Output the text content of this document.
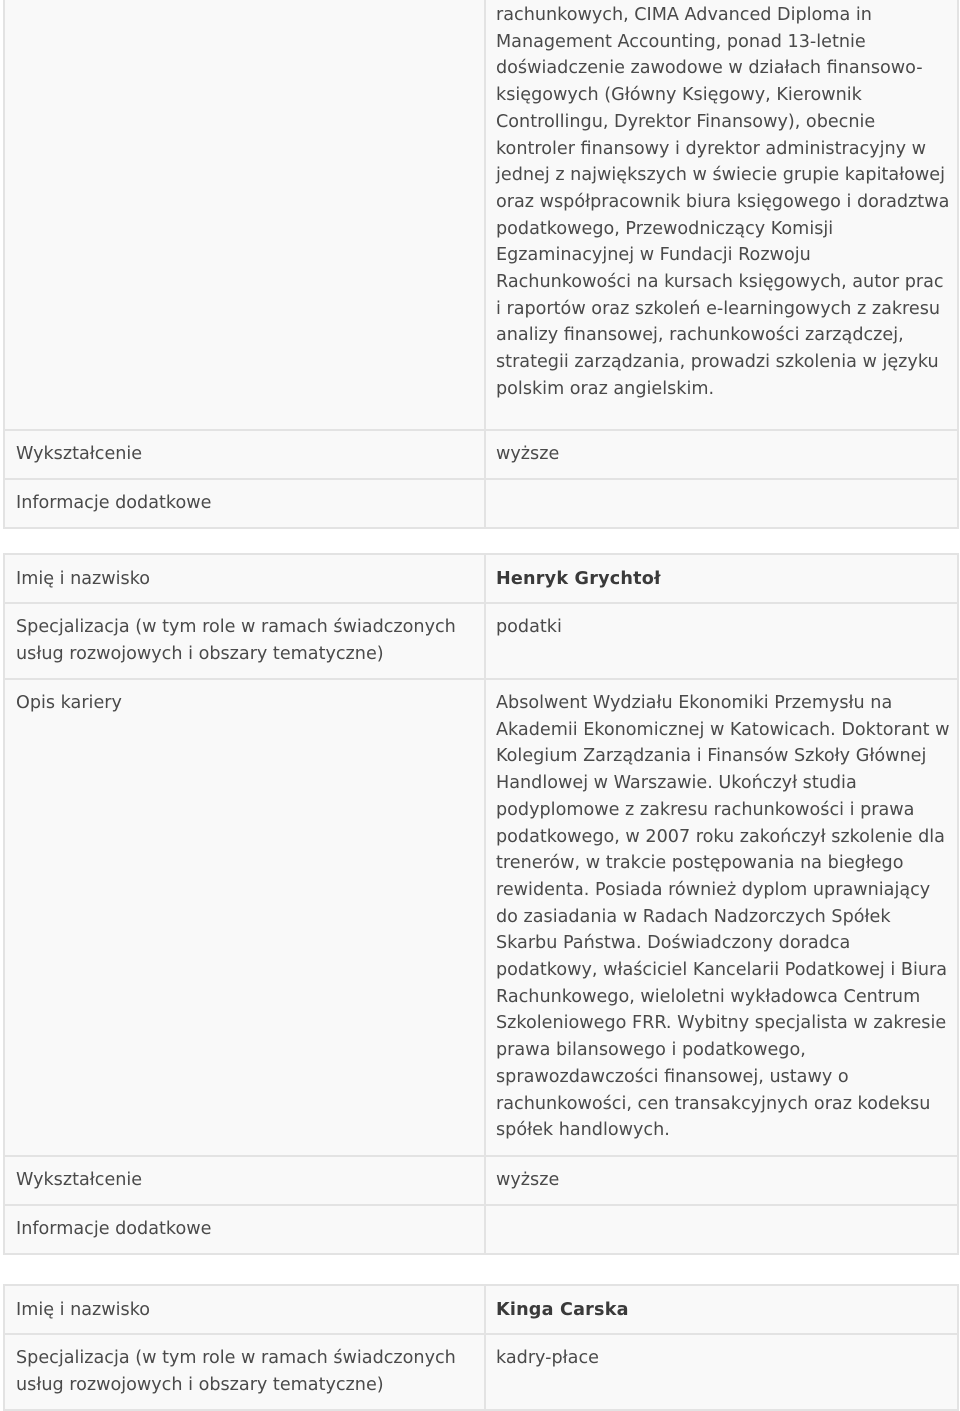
	rachunkowych, CIMA Advanced Diploma in Management Accounting, ponad 13-letnie doświadczenie zawodowe w działach finansowo-księgowych (Główny Księgowy, Kierownik Controllingu, Dyrektor Finansowy), obecnie kontroler finansowy i dyrektor administracyjny w jednej z największych w świecie grupie kapitałowej oraz współpracownik biura księgowego i doradztwa podatkowego, Przewodniczący Komisji Egzaminacyjnej w Fundacji Rozwoju Rachunkowości na kursach księgowych, autor prac i raportów oraz szkoleń e-learningowych z zakresu analizy finansowej, rachunkowości zarządczej, strategii zarządzania, prowadzi szkolenia w języku polskim oraz angielskim.
Wykształcenie	wyższe
Informacje dodatkowe	
Imię i nazwisko	Henryk Grychtoł
Specjalizacja (w tym role w ramach świadczonych usług rozwojowych i obszary tematyczne)	podatki
Opis kariery	Absolwent Wydziału Ekonomiki Przemysłu na Akademii Ekonomicznej w Katowicach. Doktorant w Kolegium Zarządzania i Finansów Szkoły Głównej Handlowej w Warszawie. Ukończył studia podyplomowe z zakresu rachunkowości i prawa podatkowego, w 2007 roku zakończył szkolenie dla trenerów, w trakcie postępowania na biegłego rewidenta. Posiada również dyplom uprawniający do zasiadania w Radach Nadzorczych Spółek Skarbu Państwa. Doświadczony doradca podatkowy, właściciel Kancelarii Podatkowej i Biura Rachunkowego, wieloletni wykładowca Centrum Szkoleniowego FRR. Wybitny specjalista w zakresie prawa bilansowego i podatkowego, sprawozdawczości finansowej, ustawy o rachunkowości, cen transakcyjnych oraz kodeksu spółek handlowych.
Wykształcenie	wyższe
Informacje dodatkowe	
Imię i nazwisko	Kinga Carska
Specjalizacja (w tym role w ramach świadczonych usług rozwojowych i obszary tematyczne)	kadry-płace
